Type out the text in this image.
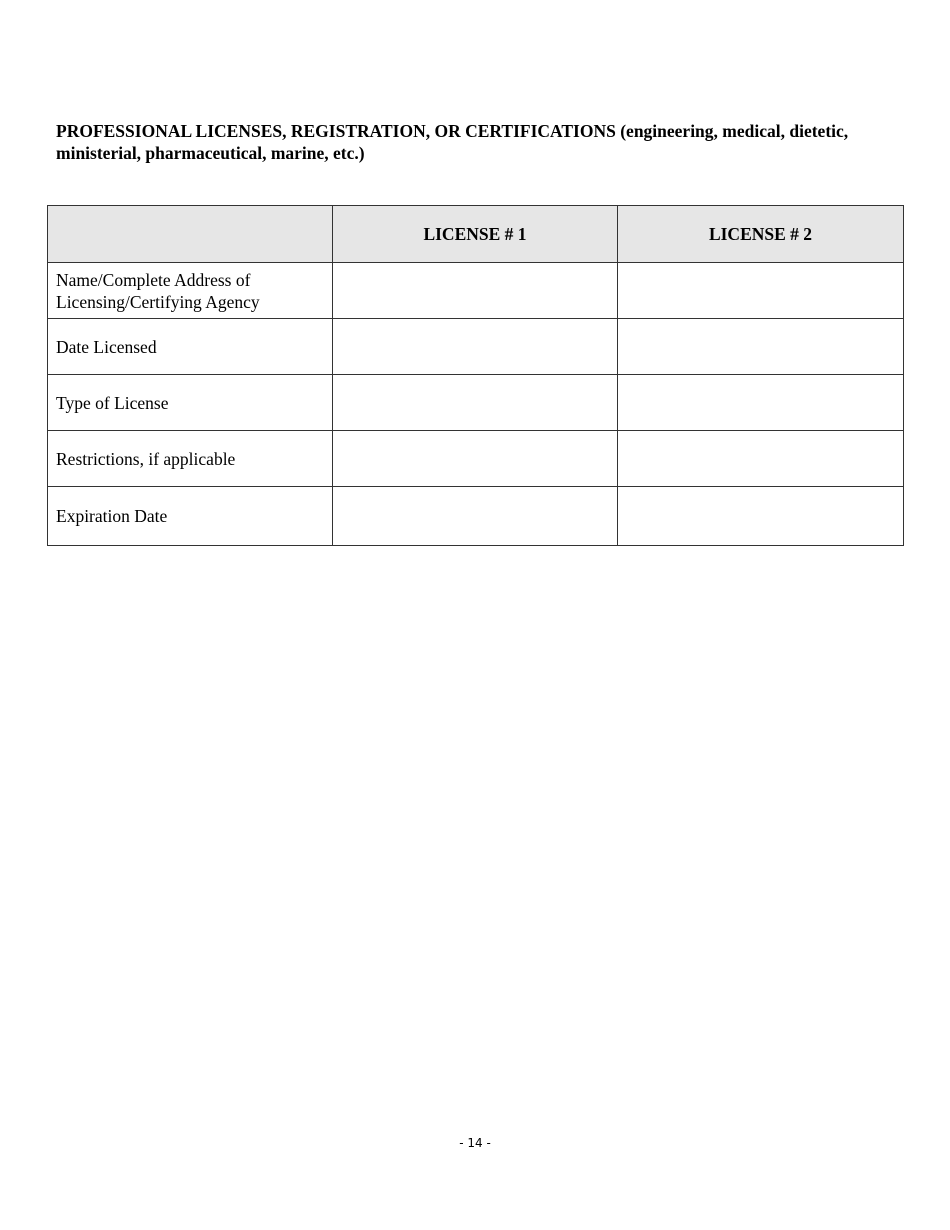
PROFESSIONAL LICENSES, REGISTRATION, OR CERTIFICATIONS (engineering, medical, dietetic, ministerial, pharmaceutical, marine, etc.)
	LICENSE # 1	LICENSE # 2
Name/Complete Address of Licensing/Certifying Agency		
Date Licensed		
Type of License		
Restrictions, if applicable		
Expiration Date		
- 14 -
